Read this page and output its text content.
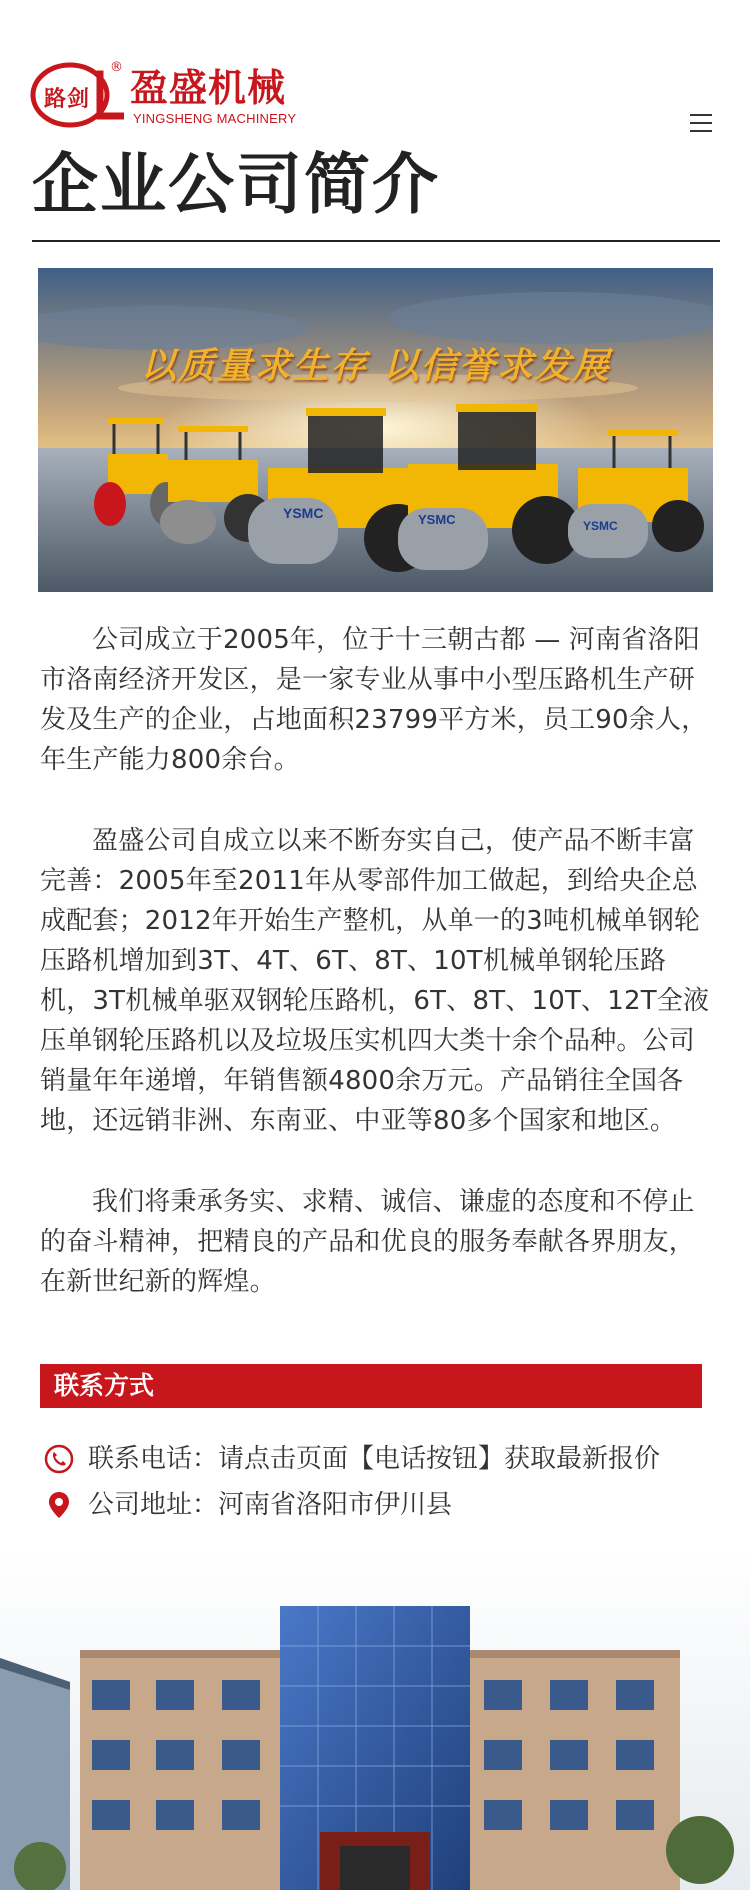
路剑
® 盈盛机械
YINGSHENG MACHINERY
企业公司简介
YSMC	YSMC	YSMC
以质量求生存 以信誉求发展

公司成立于2005年，位于十三朝古都 — 河南省洛阳市洛南经济开发区，是一家专业从事中小型压路机生产研发及生产的企业，占地面积23799平方米，员工90余人，年生产能力800余台。

盈盛公司自成立以来不断夯实自己，使产品不断丰富完善：2005年至2011年从零部件加工做起，到给央企总成配套；2012年开始生产整机，从单一的3吨机械单钢轮压路机增加到3T、4T、6T、8T、10T机械单钢轮压路机，3T机械单驱双钢轮压路机，6T、8T、10T、12T全液压单钢轮压路机以及垃圾压实机四大类十余个品种。公司销量年年递增，年销售额4800余万元。产品销往全国各地，还远销非洲、东南亚、中亚等80多个国家和地区。

我们将秉承务实、求精、诚信、谦虚的态度和不停止的奋斗精神，把精良的产品和优良的服务奉献各界朋友，在新世纪新的辉煌。

联系方式
联系电话：请点击页面【电话按钮】获取最新报价
公司地址：河南省洛阳市伊川县
